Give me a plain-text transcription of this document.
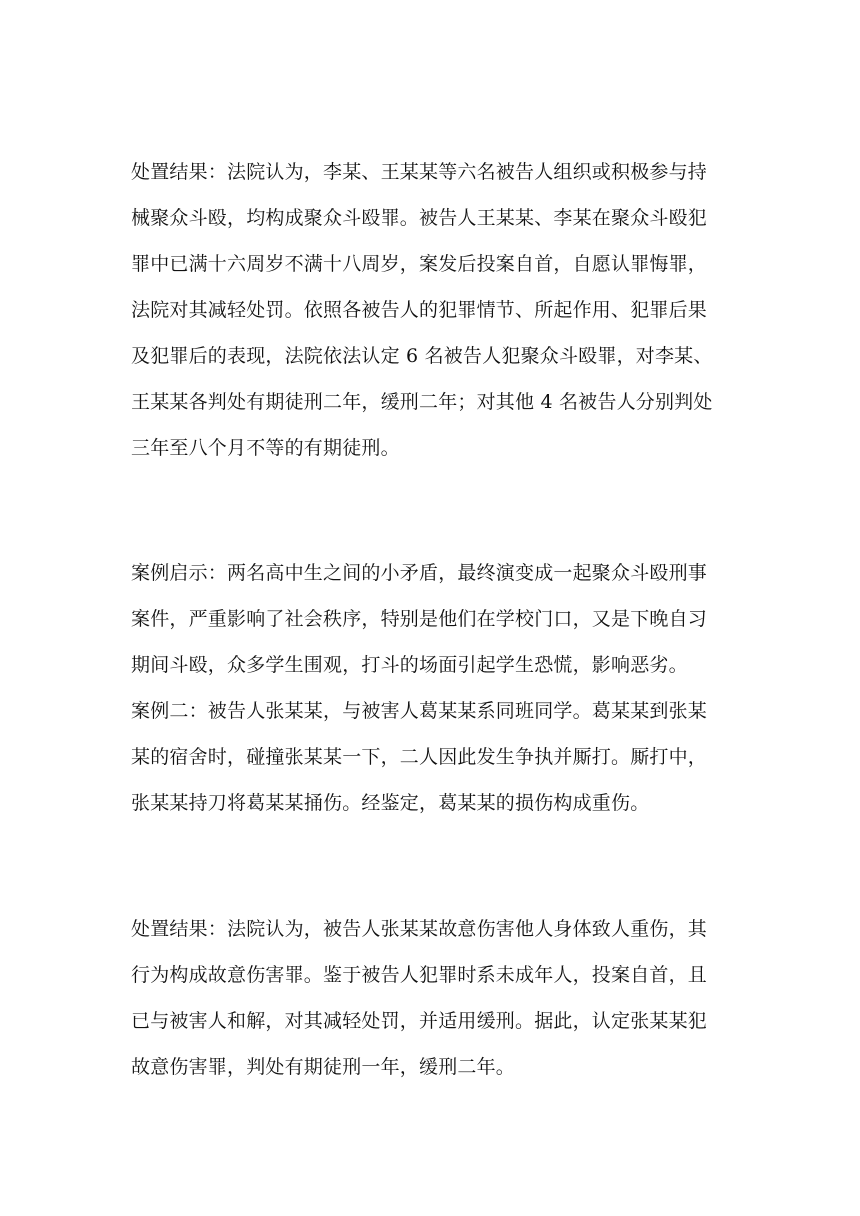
处置结果：法院认为，李某、王某某等六名被告人组织或积极参与持

械聚众斗殴，均构成聚众斗殴罪。被告人王某某、李某在聚众斗殴犯

罪中已满十六周岁不满十八周岁，案发后投案自首，自愿认罪悔罪，

法院对其减轻处罚。依照各被告人的犯罪情节、所起作用、犯罪后果

及犯罪后的表现，法院依法认定 6 名被告人犯聚众斗殴罪，对李某、

王某某各判处有期徒刑二年，缓刑二年；对其他 4 名被告人分别判处

三年至八个月不等的有期徒刑。

案例启示：两名高中生之间的小矛盾，最终演变成一起聚众斗殴刑事

案件，严重影响了社会秩序，特别是他们在学校门口，又是下晚自习

期间斗殴，众多学生围观，打斗的场面引起学生恐慌，影响恶劣。

案例二：被告人张某某，与被害人葛某某系同班同学。葛某某到张某

某的宿舍时，碰撞张某某一下，二人因此发生争执并厮打。厮打中，

张某某持刀将葛某某捅伤。经鉴定，葛某某的损伤构成重伤。

处置结果：法院认为，被告人张某某故意伤害他人身体致人重伤，其

行为构成故意伤害罪。鉴于被告人犯罪时系未成年人，投案自首，且

已与被害人和解，对其减轻处罚，并适用缓刑。据此，认定张某某犯

故意伤害罪，判处有期徒刑一年，缓刑二年。
